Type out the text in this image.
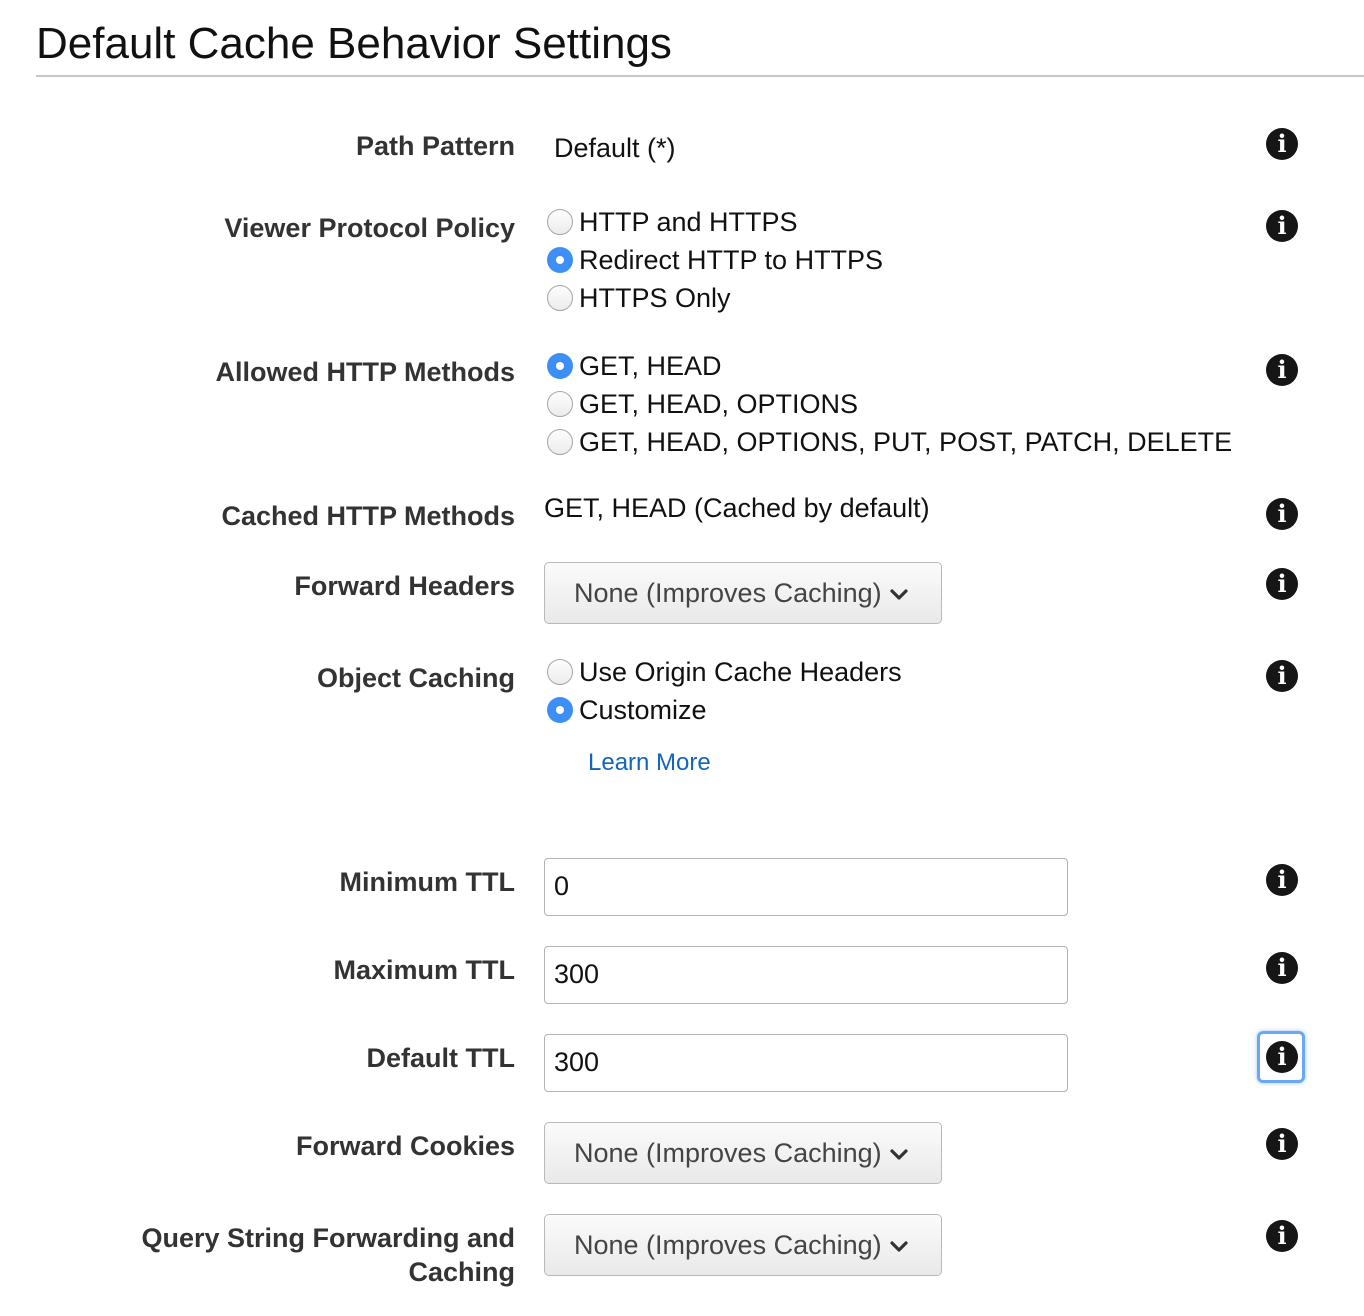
Default Cache Behavior Settings
Path Pattern Default (*)	i
Viewer Protocol Policy HTTP and HTTPS
Redirect HTTP to HTTPS
HTTPS Only
i
Allowed HTTP Methods GET, HEAD
GET, HEAD, OPTIONS
GET, HEAD, OPTIONS, PUT, POST, PATCH, DELETE
i
Cached HTTP Methods GET, HEAD (Cached by default)	i
Forward Headers None (Improves Caching)	i
Object Caching Use Origin Cache Headers
Customize
Learn More
i
Minimum TTL	0	i
Maximum TTL	300	i
Default TTL	300	i
Forward Cookies None (Improves Caching)	i
Query String Forwarding and
Caching
None (Improves Caching)	i
